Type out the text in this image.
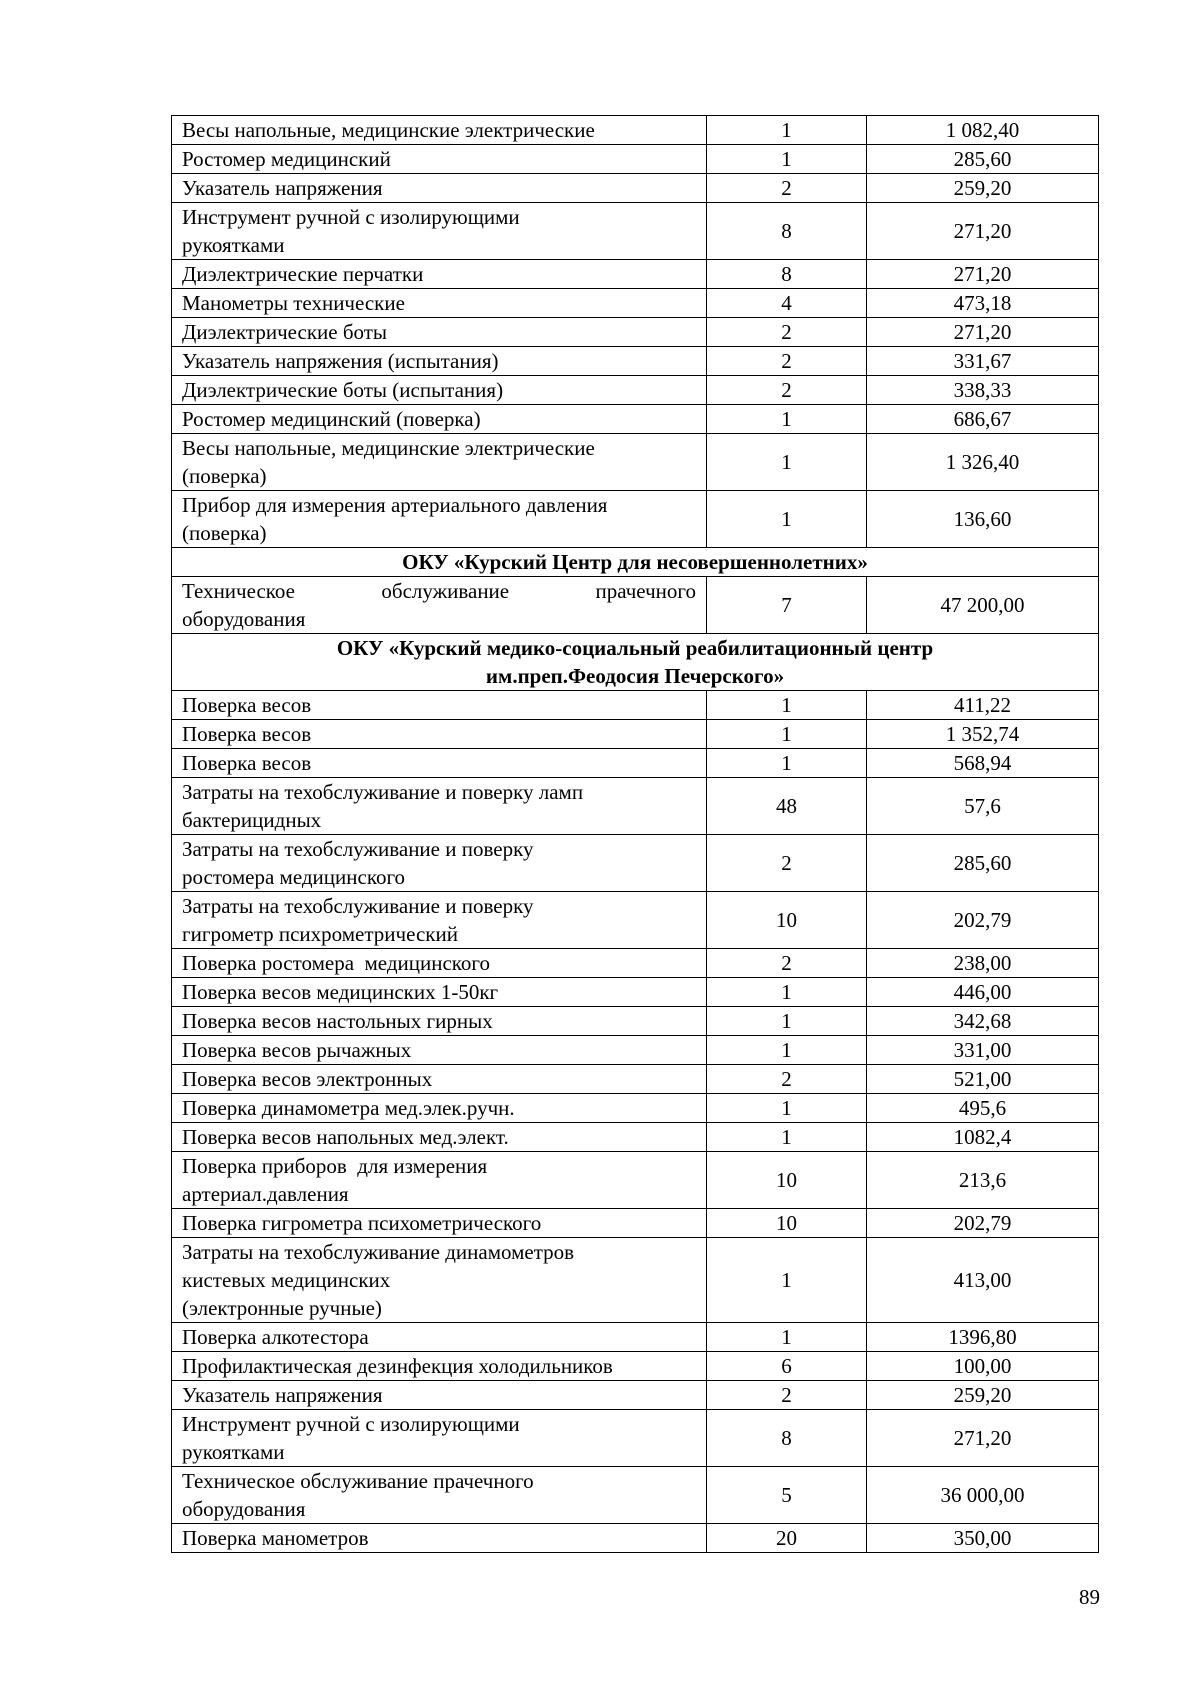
Весы напольные, медицинские электрические	1	1 082,40
Ростомер медицинский	1	285,60
Указатель напряжения	2	259,20

Инструмент ручной с изолирующими
рукоятками	8	271,20
Диэлектрические перчатки	8	271,20
Манометры технические	4	473,18
Диэлектрические боты	2	271,20
Указатель напряжения (испытания)	2	331,67
Диэлектрические боты (испытания)	2	338,33
Ростомер медицинский (поверка)	1	686,67

Весы напольные, медицинские электрические
(поверка)	1	1 326,40

Прибор для измерения артериального давления
(поверка)	1	136,60

ОКУ «Курский Центр для несовершеннолетних»		

Техническое обслуживание прачечного
оборудования	7	47 200,00

ОКУ «Курский медико-социальный реабилитационный центр
им.преп.Феодосия Печерского»		

Поверка весов	1	411,22
Поверка весов	1	1 352,74
Поверка весов	1	568,94

Затраты на техобслуживание и поверку ламп
бактерицидных	48	57,6

Затраты на техобслуживание и поверку
ростомера медицинского	2	285,60

Затраты на техобслуживание и поверку
гигрометр психрометрический	10	202,79
Поверка ростомера  медицинского	2	238,00
Поверка весов медицинских 1-50кг	1	446,00
Поверка весов настольных гирных	1	342,68
Поверка весов рычажных	1	331,00
Поверка весов электронных	2	521,00
Поверка динамометра мед.элек.ручн.	1	495,6
Поверка весов напольных мед.элект.	1	1082,4

Поверка приборов  для измерения
артериал.давления	10	213,6
Поверка гигрометра психометрического	10	202,79

Затраты на техобслуживание динамометров
кистевых медицинских
(электронные ручные)	1	413,00
Поверка алкотестора	1	1396,80
Профилактическая дезинфекция холодильников	6	100,00
Указатель напряжения	2	259,20

Инструмент ручной с изолирующими
рукоятками	8	271,20

Техническое обслуживание прачечного
оборудования	5	36 000,00
Поверка манометров	20	350,00
89
